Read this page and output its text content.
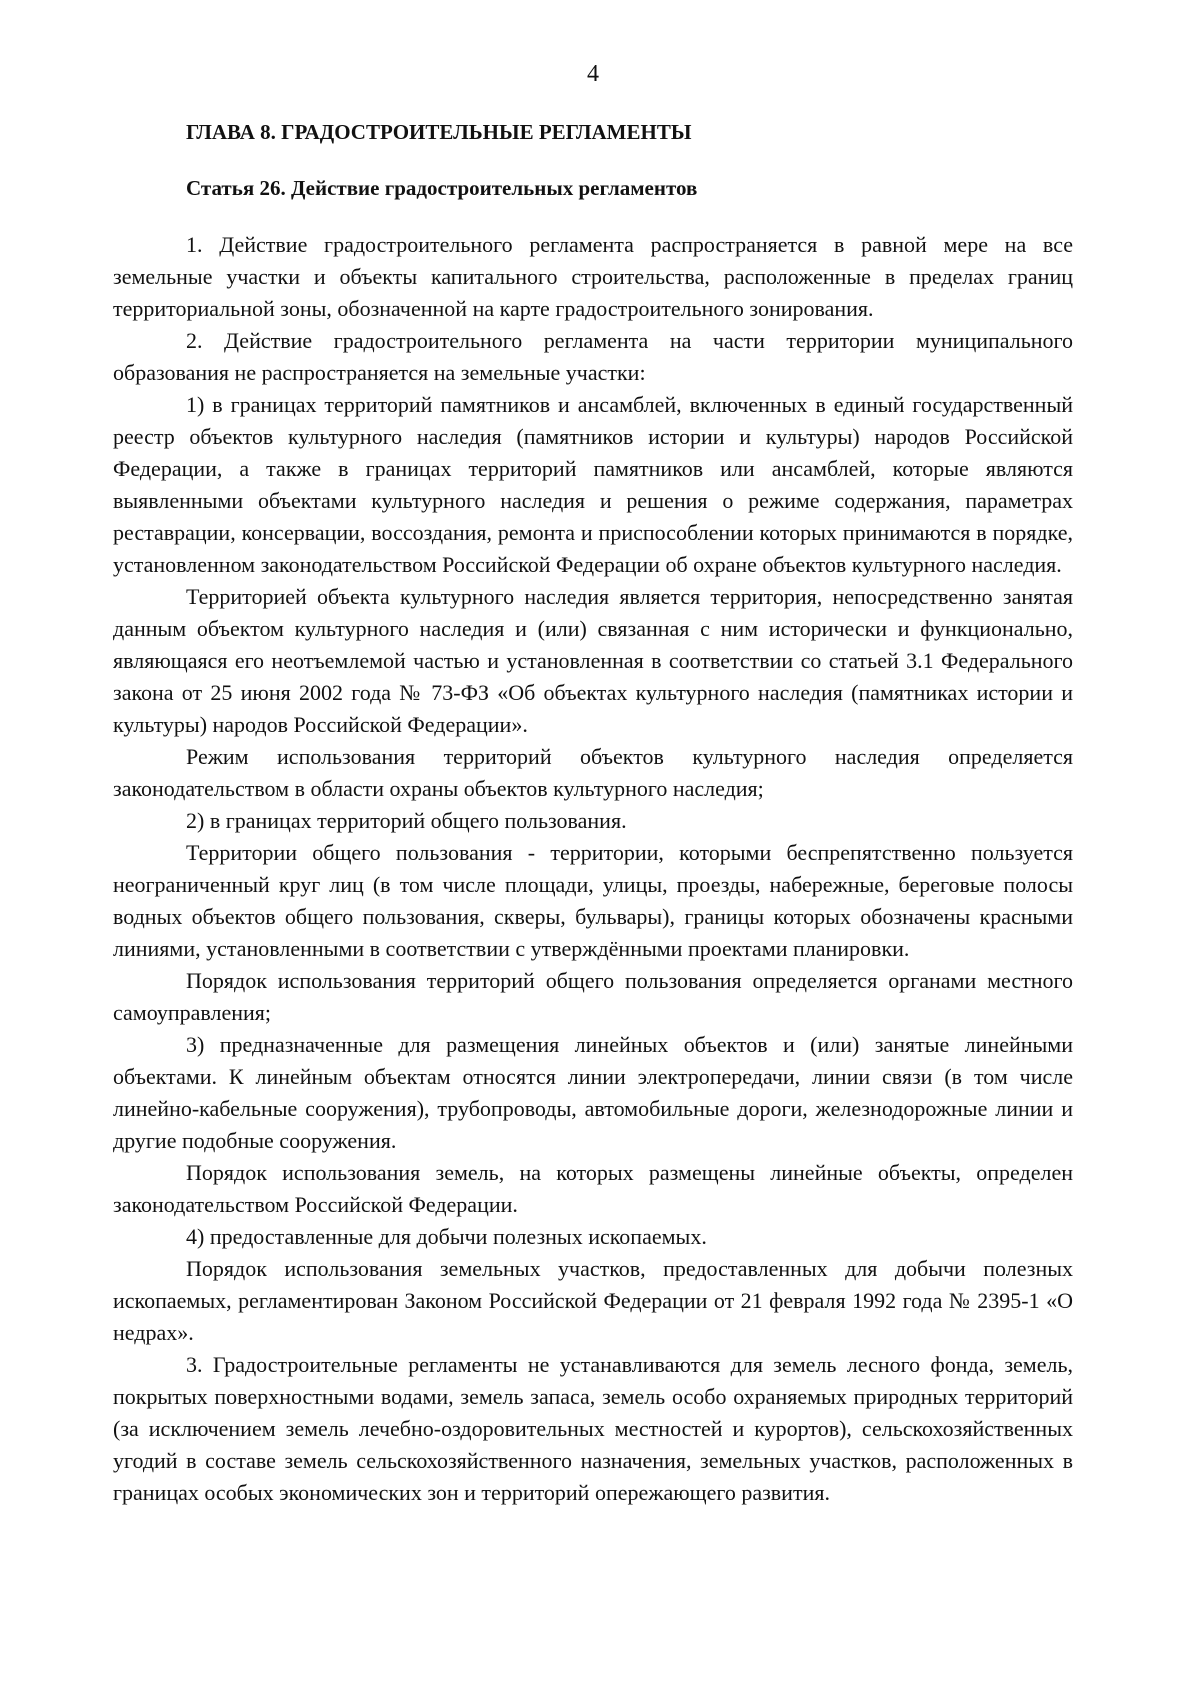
4
ГЛАВА 8. ГРАДОСТРОИТЕЛЬНЫЕ РЕГЛАМЕНТЫ
Статья 26. Действие градостроительных регламентов

1. Действие градостроительного регламента распространяется в равной мере на все земельные участки и объекты капитального строительства, расположенные в пределах границ территориальной зоны, обозначенной на карте градостроительного зонирования.

2. Действие градостроительного регламента на части территории муниципального образования не распространяется на земельные участки:

1) в границах территорий памятников и ансамблей, включенных в единый государственный реестр объектов культурного наследия (памятников истории и культуры) народов Российской Федерации, а также в границах территорий памятников или ансамблей, которые являются выявленными объектами культурного наследия и решения о режиме содержания, параметрах реставрации, консервации, воссоздания, ремонта и приспособлении которых принимаются в порядке, установленном законодательством Российской Федерации об охране объектов культурного наследия.

Территорией объекта культурного наследия является территория, непосредственно занятая данным объектом культурного наследия и (или) связанная с ним исторически и функционально, являющаяся его неотъемлемой частью и установленная в соответствии со статьей 3.1 Федерального закона от 25 июня 2002 года № 73-ФЗ «Об объектах культурного наследия (памятниках истории и культуры) народов Российской Федерации».

Режим использования территорий объектов культурного наследия определяется законодательством в области охраны объектов культурного наследия;

2) в границах территорий общего пользования.

Территории общего пользования - территории, которыми беспрепятственно пользуется неограниченный круг лиц (в том числе площади, улицы, проезды, набережные, береговые полосы водных объектов общего пользования, скверы, бульвары), границы которых обозначены красными линиями, установленными в соответствии с утверждёнными проектами планировки.

Порядок использования территорий общего пользования определяется органами местного самоуправления;

3) предназначенные для размещения линейных объектов и (или) занятые линейными объектами. К линейным объектам относятся линии электропередачи, линии связи (в том числе линейно-кабельные сооружения), трубопроводы, автомобильные дороги, железнодорожные линии и другие подобные сооружения.

Порядок использования земель, на которых размещены линейные объекты, определен законодательством Российской Федерации.

4) предоставленные для добычи полезных ископаемых.

Порядок использования земельных участков, предоставленных для добычи полезных ископаемых, регламентирован Законом Российской Федерации от 21 февраля 1992 года № 2395-1 «О недрах».

3. Градостроительные регламенты не устанавливаются для земель лесного фонда, земель, покрытых поверхностными водами, земель запаса, земель особо охраняемых природных территорий (за исключением земель лечебно-оздоровительных местностей и курортов), сельскохозяйственных угодий в составе земель сельскохозяйственного назначения, земельных участков, расположенных в границах особых экономических зон и территорий опережающего развития.
